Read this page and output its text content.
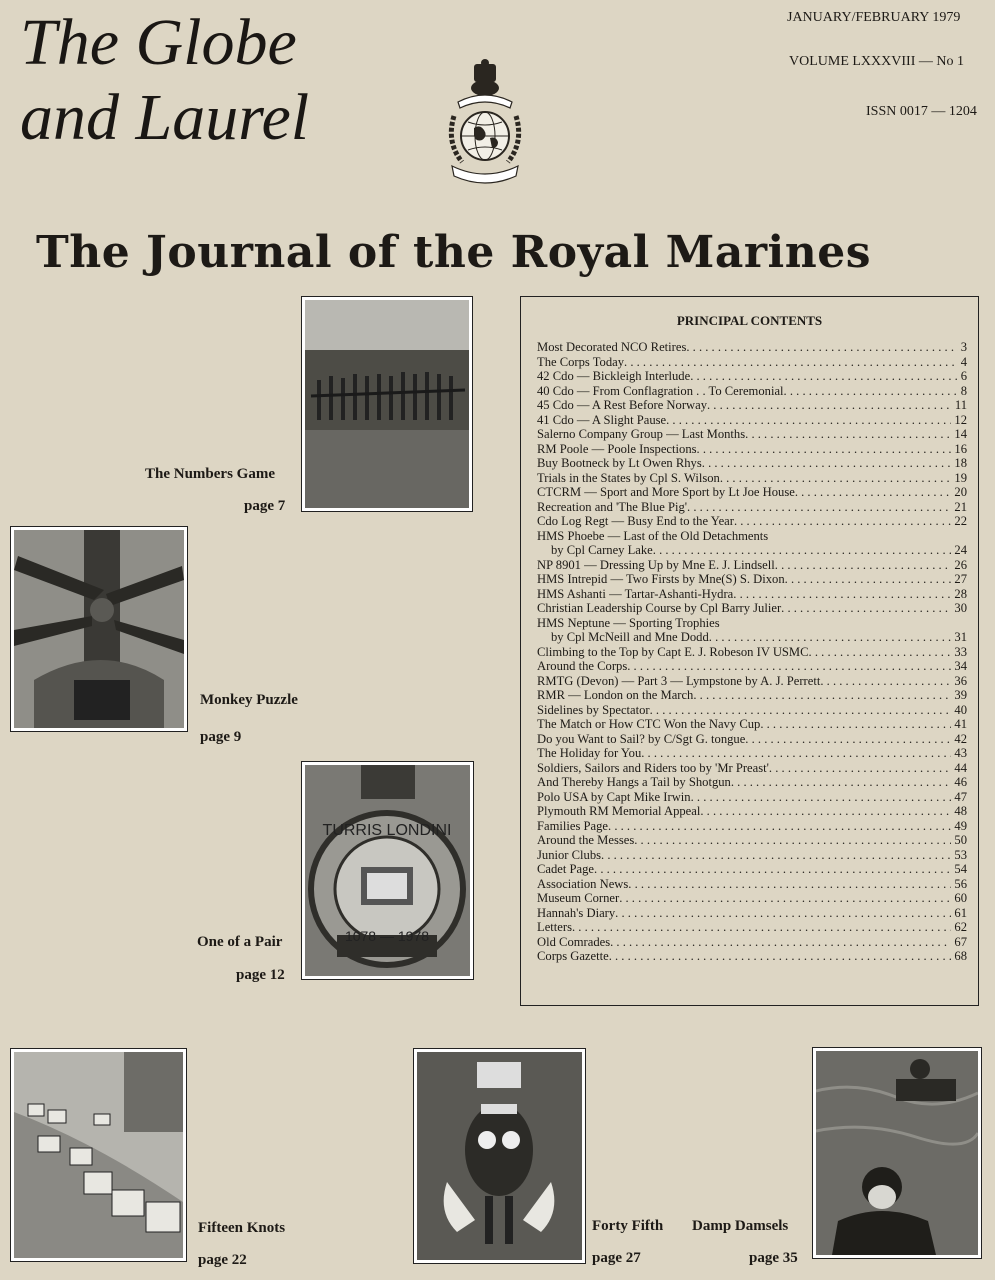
The Globe
and Laurel
JANUARY/FEBRUARY 1979
VOLUME LXXXVIII — No 1
ISSN 0017 — 1204
The Journal of the Royal Marines
The Numbers Game
page 7
Monkey Puzzle
page 9
TURRIS LONDINI
1078 — 1978
One of a Pair
page 12
PRINCIPAL CONTENTS
Most Decorated NCO Retires . . .	3
The Corps Today . . .	4
42 Cdo — Bickleigh Interlude . . .	6
40 Cdo — From Conflagration . . To Ceremonial . . .	8
45 Cdo — A Rest Before Norway . . .	11
41 Cdo — A Slight Pause . . .	12
Salerno Company Group — Last Months . . .	14
RM Poole — Poole Inspections . . .	16
Buy Bootneck by Lt Owen Rhys . . .	18
Trials in the States by Cpl S. Wilson . . .	19
CTCRM — Sport and More Sport by Lt Joe House . . .	20
Recreation and 'The Blue Pig' . . .	21
Cdo Log Regt — Busy End to the Year . . .	22
HMS Phoebe — Last of the Old Detachments
by Cpl Carney Lake . . .	24
NP 8901 — Dressing Up by Mne E. J. Lindsell . . .	26
HMS Intrepid — Two Firsts by Mne(S) S. Dixon . . .	27
HMS Ashanti — Tartar-Ashanti-Hydra . . .	28
Christian Leadership Course by Cpl Barry Julier . . .	30
HMS Neptune — Sporting Trophies
by Cpl McNeill and Mne Dodd . . .	31
Climbing to the Top by Capt E. J. Robeson IV USMC . . .	33
Around the Corps . . .	34
RMTG (Devon) — Part 3 — Lympstone by A. J. Perrett . . .	36
RMR — London on the March . . .	39
Sidelines by Spectator . . .	40
The Match or How CTC Won the Navy Cup . . .	41
Do you Want to Sail? by C/Sgt G. tongue . . .	42
The Holiday for You . . .	43
Soldiers, Sailors and Riders too by 'Mr Preast' . . .	44
And Thereby Hangs a Tail by Shotgun . . .	46
Polo USA by Capt Mike Irwin . . .	47
Plymouth RM Memorial Appeal . . .	48
Families Page . . .	49
Around the Messes . . .	50
Junior Clubs . . .	53
Cadet Page . . .	54
Association News . . .	56
Museum Corner . . .	60
Hannah's Diary . . .	61
Letters . . .	62
Old Comrades . . .	67
Corps Gazette . . .	68
Fifteen Knots
page 22
Forty Fifth
page 27
Damp Damsels
page 35
